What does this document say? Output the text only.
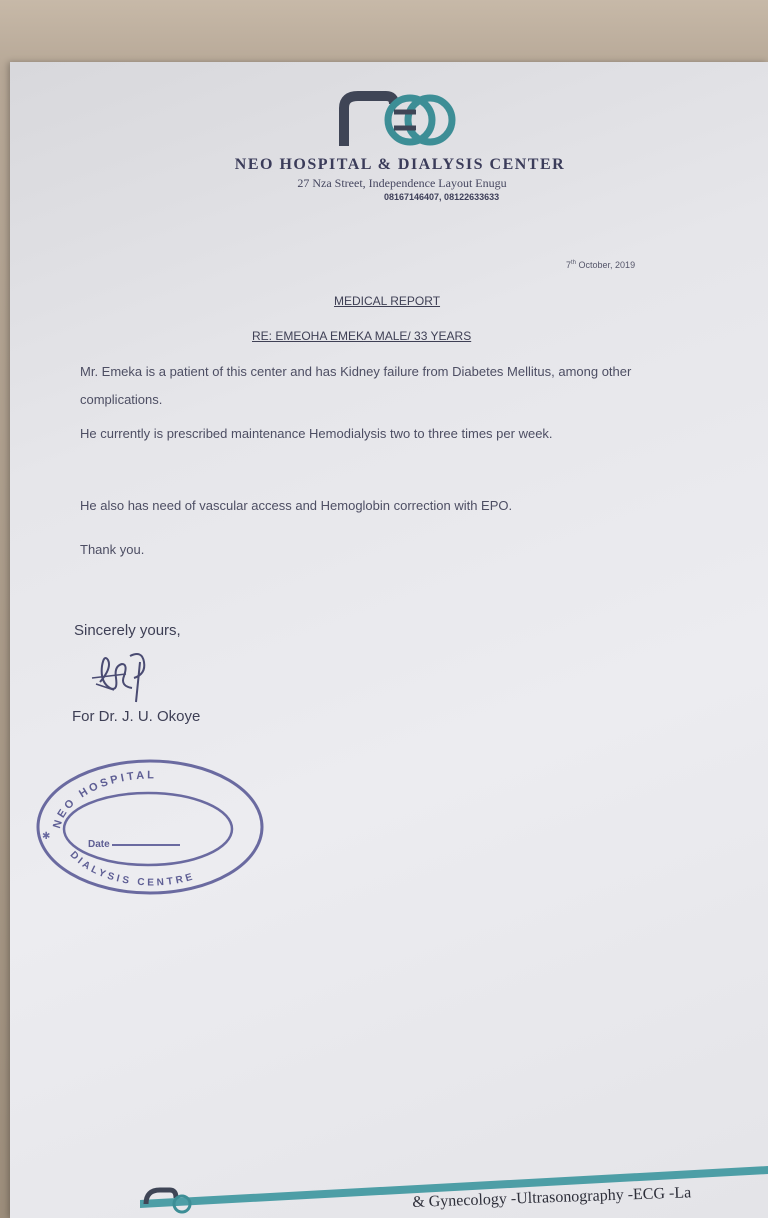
NEO HOSPITAL & DIALYSIS CENTER
27 Nza Street, Independence Layout Enugu
08167146407, 08122633633
7th October, 2019
MEDICAL REPORT
RE: EMEOHA EMEKA MALE/ 33 YEARS
Mr. Emeka is a patient of this center and has Kidney failure from Diabetes Mellitus, among other complications.
He currently is prescribed maintenance Hemodialysis two to three times per week.
He also has need of vascular access and Hemoglobin correction with EPO.
Thank you.
Sincerely yours,
For Dr. J. U. Okoye
NEO HOSPITAL
DIALYSIS CENTRE
Date
✱
& Gynecology -Ultrasonography -ECG -La
